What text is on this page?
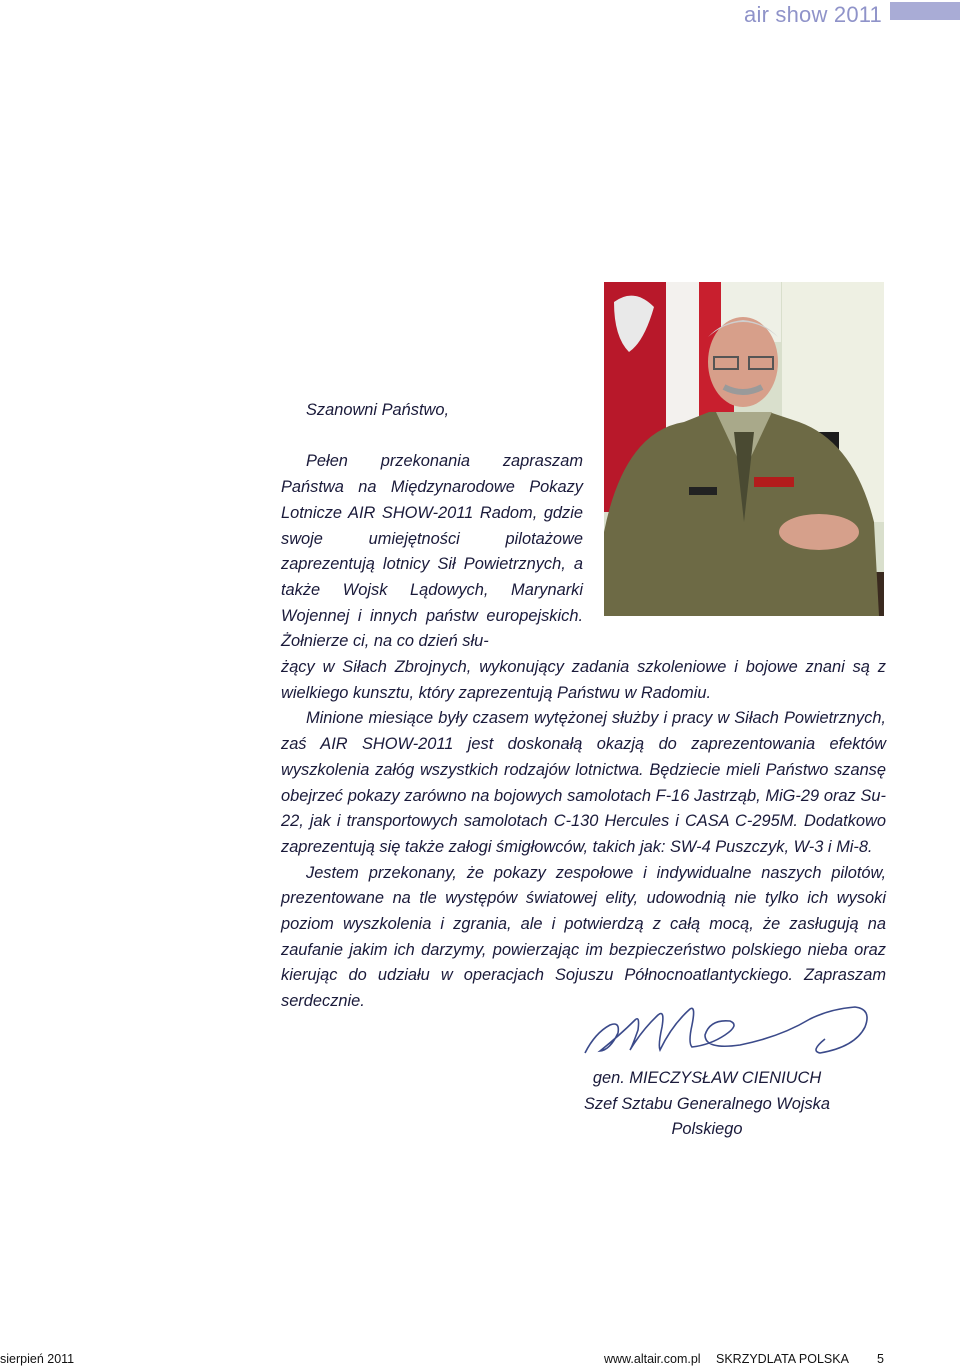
air show 2011

Szanowni Państwo,

Pełen przekonania zapraszam Państwa na Międzynarodowe Pokazy Lotnicze AIR SHOW-2011 Radom, gdzie swoje umiejętności pilotażowe zaprezentują lotnicy Sił Powietrznych, a także Wojsk Lądowych, Marynarki Wojennej i innych państw europejskich. Żołnierze ci, na co dzień słu-

żący w Siłach Zbrojnych, wykonujący zadania szkoleniowe i bojowe znani są z wielkiego kunsztu, który zaprezentują Państwu w Radomiu.

Minione miesiące były czasem wytężonej służby i pracy w Siłach Powietrznych, zaś AIR SHOW-2011 jest doskonałą okazją do zaprezentowania efektów wyszkolenia załóg wszystkich rodzajów lotnictwa. Będziecie mieli Państwo szansę obejrzeć pokazy zarówno na bojowych samolotach F-16 Jastrząb, MiG-29 oraz Su-22, jak i transportowych samolotach C-130 Hercules i CASA C-295M. Dodatkowo zaprezentują się także załogi śmigłowców, takich jak: SW-4 Puszczyk, W-3 i Mi-8.

Jestem przekonany, że pokazy zespołowe i indywidualne naszych pilotów, prezentowane na tle występów światowej elity, udowodnią nie tylko ich wysoki poziom wyszkolenia i zgrania, ale i potwierdzą z całą mocą, że zasługują na zaufanie jakim ich darzymy, powierzając im bezpieczeństwo polskiego nieba oraz kierując do udziału w operacjach Sojuszu Północnoatlantyckiego. Zapraszam serdecznie.

gen. MIECZYSŁAW CIENIUCH
Szef Sztabu Generalnego Wojska Polskiego
sierpień 2011	www.altair.com.pl SKRZYDLATA POLSKA 5
